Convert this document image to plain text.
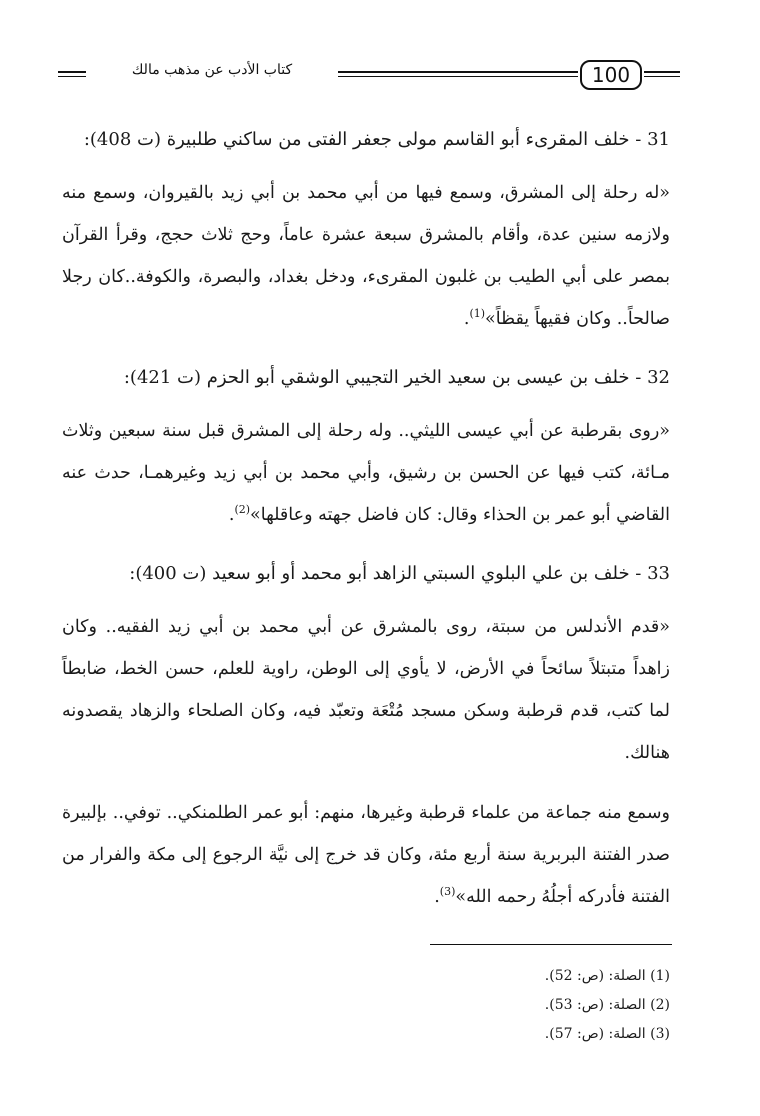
100
كتاب الأدب عن مذهب مالك

31 - خلف المقرىء أبو القاسم مولى جعفر الفتى من ساكني طلبيرة (ت 408):

«له رحلة إلى المشرق، وسمع فيها من أبي محمد بن أبي زيد بالقيروان، وسمع منه ولازمه سنين عدة، وأقام بالمشرق سبعة عشرة عاماً، وحج ثلاث حجج، وقرأ القرآن بمصر على أبي الطيب بن غلبون المقرىء، ودخل بغداد، والبصرة، والكوفة..كان رجلا صالحاً.. وكان فقيهاً يقظاً»$^{(1)}$.

32 - خلف بن عيسى بن سعيد الخير التجيبي الوشقي أبو الحزم (ت 421):

«روى بقرطبة عن أبي عيسى الليثي.. وله رحلة إلى المشرق قبل سنة سبعين وثلاث مـائة، كتب فيها عن الحسن بن رشيق، وأبي محمد بن أبي زيد وغيرهمـا، حدث عنه القاضي أبو عمر بن الحذاء وقال: كان فاضل جهته وعاقلها»$^{(2)}$.

33 - خلف بن علي البلوي السبتي الزاهد أبو محمد أو أبو سعيد (ت 400):

«قدم الأندلس من سبتة، روى بالمشرق عن أبي محمد بن أبي زيد الفقيه.. وكان زاهداً متبتلاً سائحاً في الأرض، لا يأوي إلى الوطن، راوية للعلم، حسن الخط، ضابطاً لما كتب، قدم قرطبة وسكن مسجد مُتْعَة وتعبّد فيه، وكان الصلحاء والزهاد يقصدونه هنالك.

وسمع منه جماعة من علماء قرطبة وغيرها، منهم: أبو عمر الطلمنكي.. توفي.. بإلبيرة صدر الفتنة البربرية سنة أربع مئة، وكان قد خرج إلى نيَّة الرجوع إلى مكة والفرار من الفتنة فأدركه أجلُهُ رحمه الله»$^{(3)}$.

(1) الصلة: (ص: 52).

(2) الصلة: (ص: 53).

(3) الصلة: (ص: 57).
